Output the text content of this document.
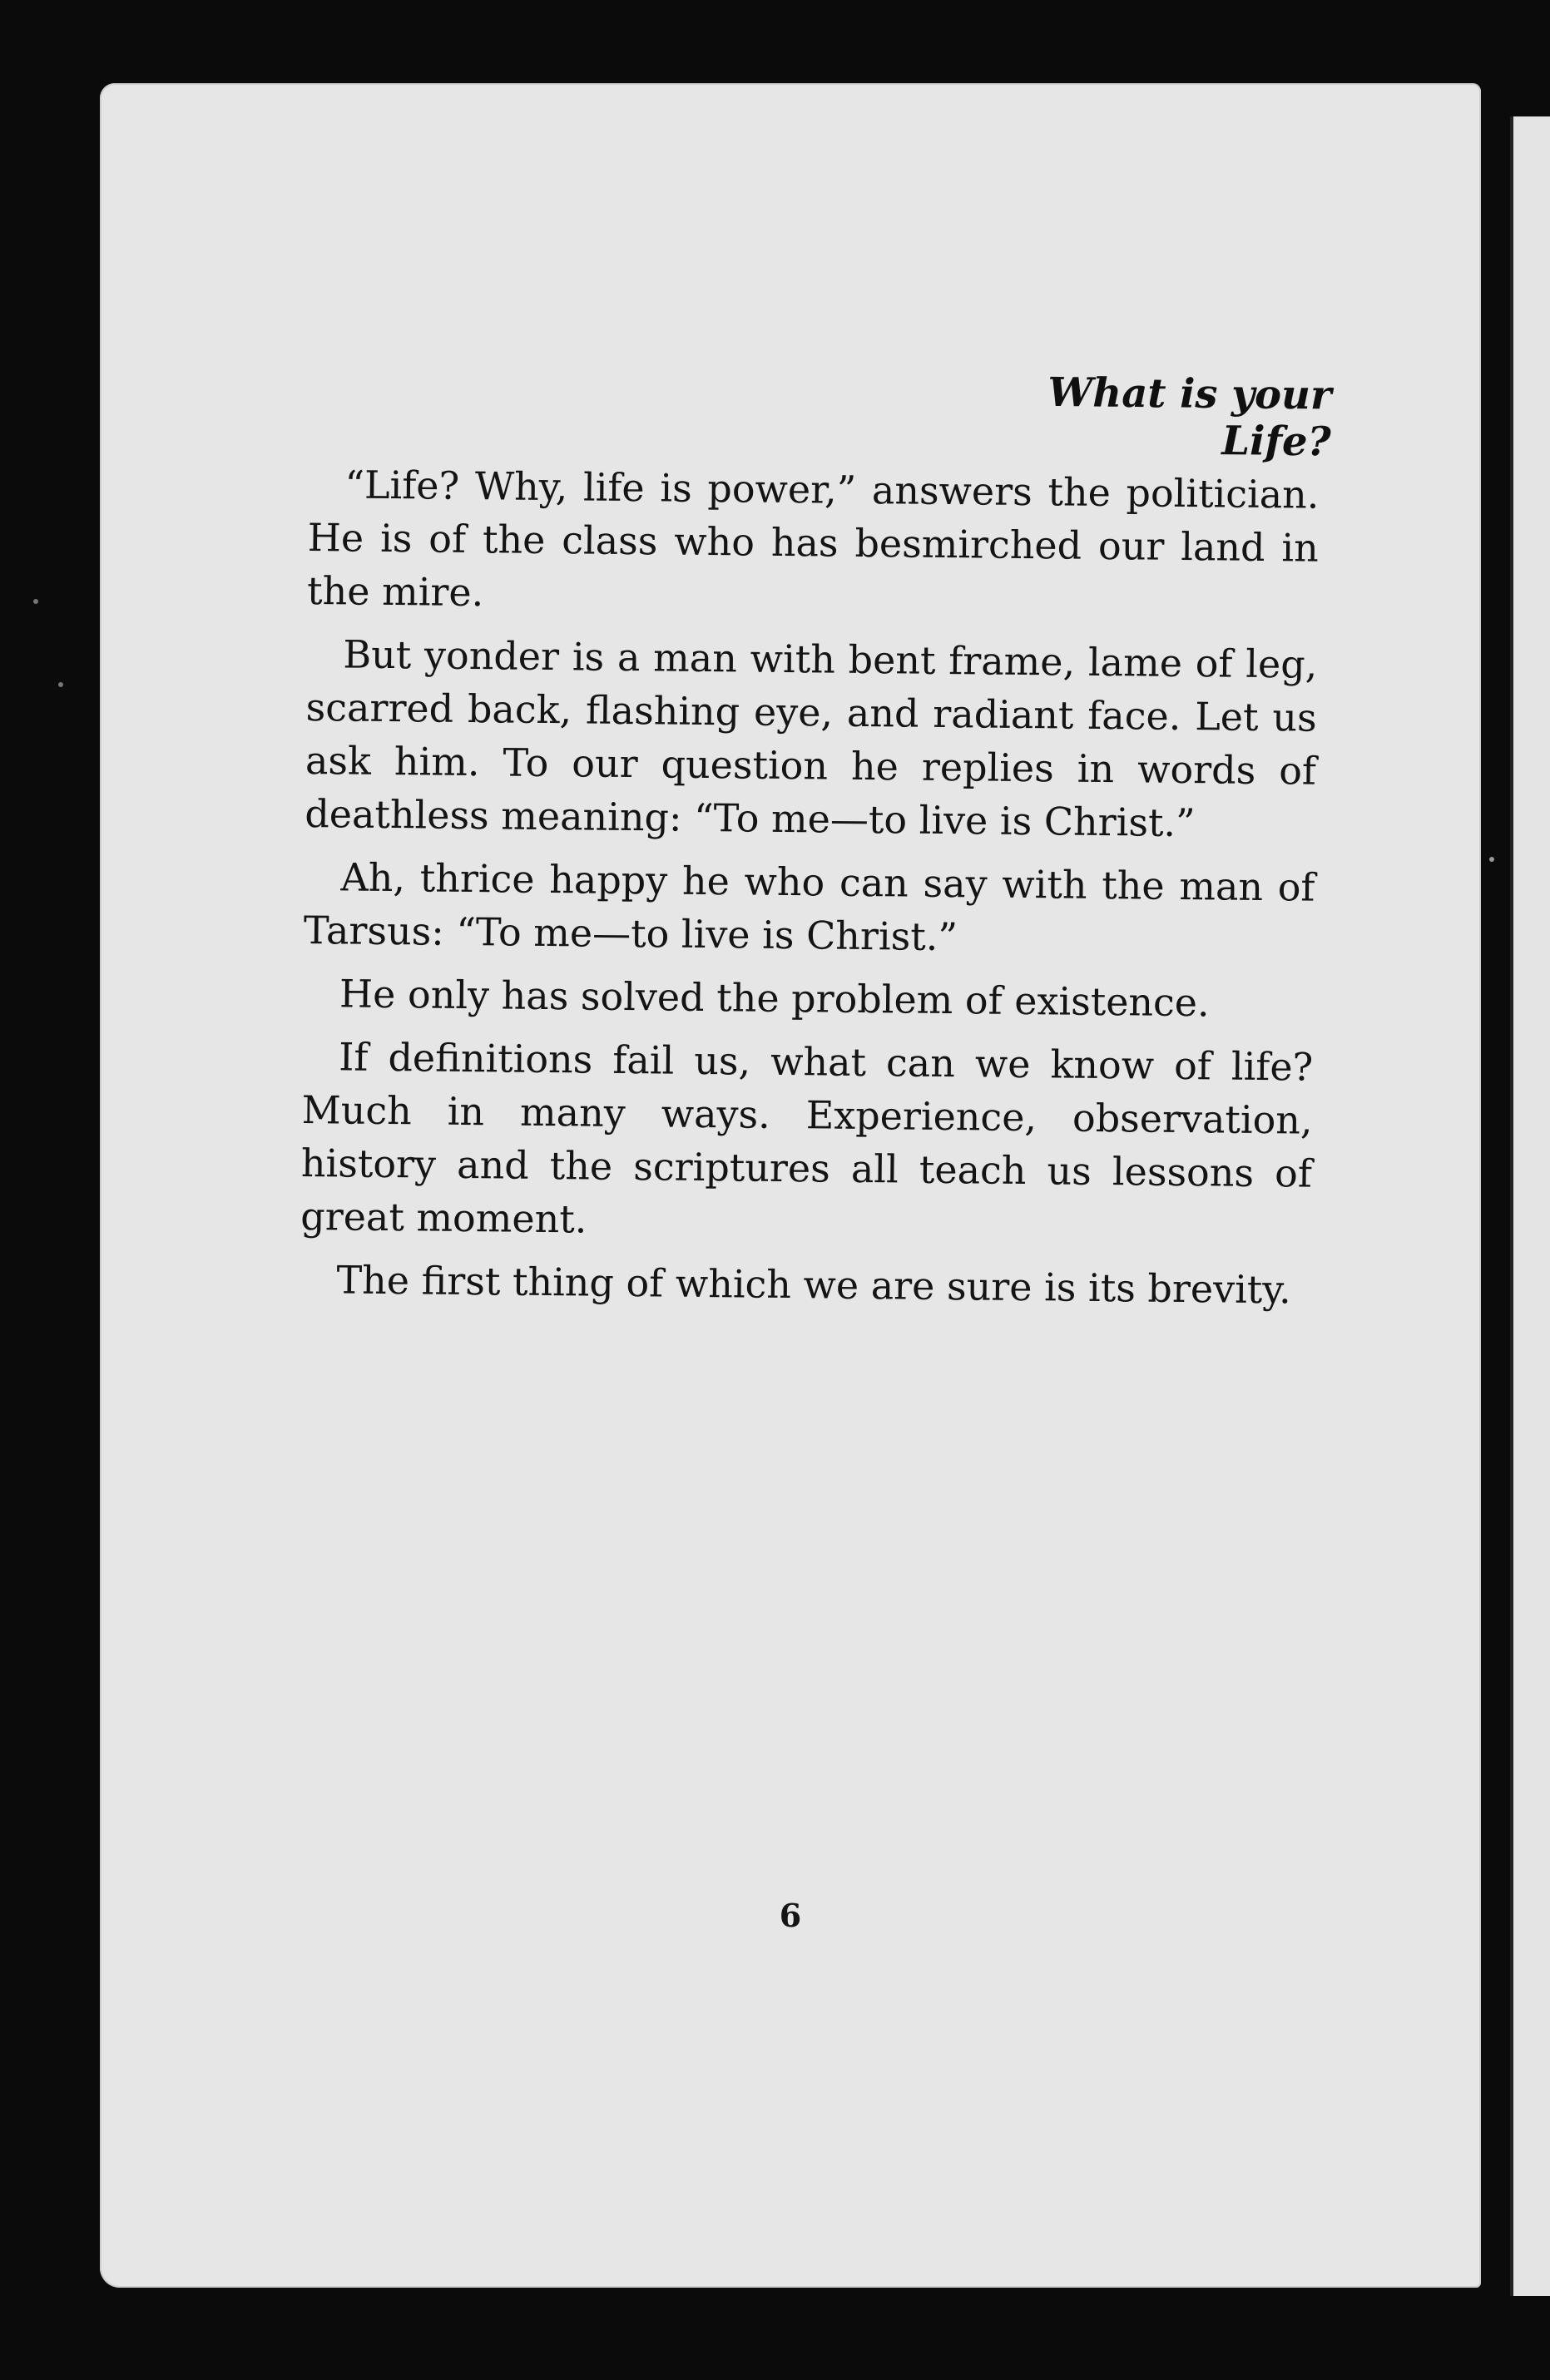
What is your Life?

“Life? Why, life is power,” answers the politician. He is of the class who has besmirched our land in the mire.

But yonder is a man with bent frame, lame of leg, scarred back, flashing eye, and radiant face. Let us ask him. To our question he replies in words of deathless meaning: “To me—to live is Christ.”

Ah, thrice happy he who can say with the man of Tarsus: “To me—to live is Christ.”

He only has solved the problem of existence.

If definitions fail us, what can we know of life? Much in many ways. Experience, observation, history and the scriptures all teach us lessons of great moment.

The first thing of which we are sure is its brevity.

6
